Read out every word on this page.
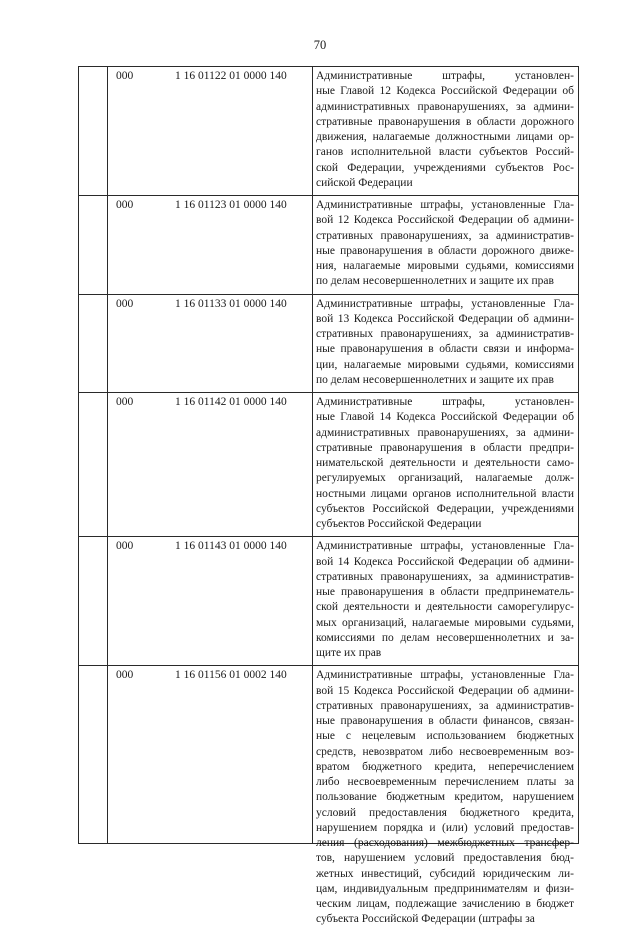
70
000	1 16 01122 01 0000 140	Административные штрафы, установлен-
ные Главой 12 Кодекса Российской Федерации об
административных правонарушениях, за админи-
стративные правонарушения в области дорожного
движения, налагаемые должностными лицами ор-
ганов исполнительной власти субъектов Россий-
ской Федерации, учреждениями субъектов Рос-
сийской Федерации
000	1 16 01123 01 0000 140	Административные штрафы, установленные Гла-
вой 12 Кодекса Российской Федерации об админи-
стративных правонарушениях, за административ-
ные правонарушения в области дорожного движе-
ния, налагаемые мировыми судьями, комиссиями
по делам несовершеннолетних и защите их прав
000	1 16 01133 01 0000 140	Административные штрафы, установленные Гла-
вой 13 Кодекса Российской Федерации об админи-
стративных правонарушениях, за административ-
ные правонарушения в области связи и информа-
ции, налагаемые мировыми судьями, комиссиями
по делам несовершеннолетних и защите их прав
000	1 16 01142 01 0000 140	Административные штрафы, установлен-
ные Главой 14 Кодекса Российской Федерации об
административных правонарушениях, за админи-
стративные правонарушения в области предпри-
нимательской деятельности и деятельности само-
регулируемых организаций, налагаемые долж-
ностными лицами органов исполнительной власти
субъектов Российской Федерации, учреждениями
субъектов Российской Федерации
000	1 16 01143 01 0000 140	Административные штрафы, установленные Гла-
вой 14 Кодекса Российской Федерации об админи-
стративных правонарушениях, за административ-
ные правонарушения в области предпринематель-
ской деятельности и деятельности саморегулирус-
мых организаций, налагаемые мировыми судьями,
комиссиями по делам несовершеннолетних и за-
щите их прав
000	1 16 01156 01 0002 140	Административные штрафы, установленные Гла-
вой 15 Кодекса Российской Федерации об админи-
стративных правонарушениях, за административ-
ные правонарушения в области финансов, связан-
ные с нецелевым использованием бюджетных
средств, невозвратом либо несвоевременным воз-
вратом бюджетного кредита, неперечислением
либо несвоевременным перечислением платы за
пользование бюджетным кредитом, нарушением
условий предоставления бюджетного кредита,
нарушением порядка и (или) условий предостав-
ления (расходования) межбюджетных трансфер-
тов, нарушением условий предоставления бюд-
жетных инвестиций, субсидий юридическим ли-
цам, индивидуальным предпринимателям и физи-
ческим лицам, подлежащие зачислению в бюджет
субъекта Российской Федерации (штрафы за
